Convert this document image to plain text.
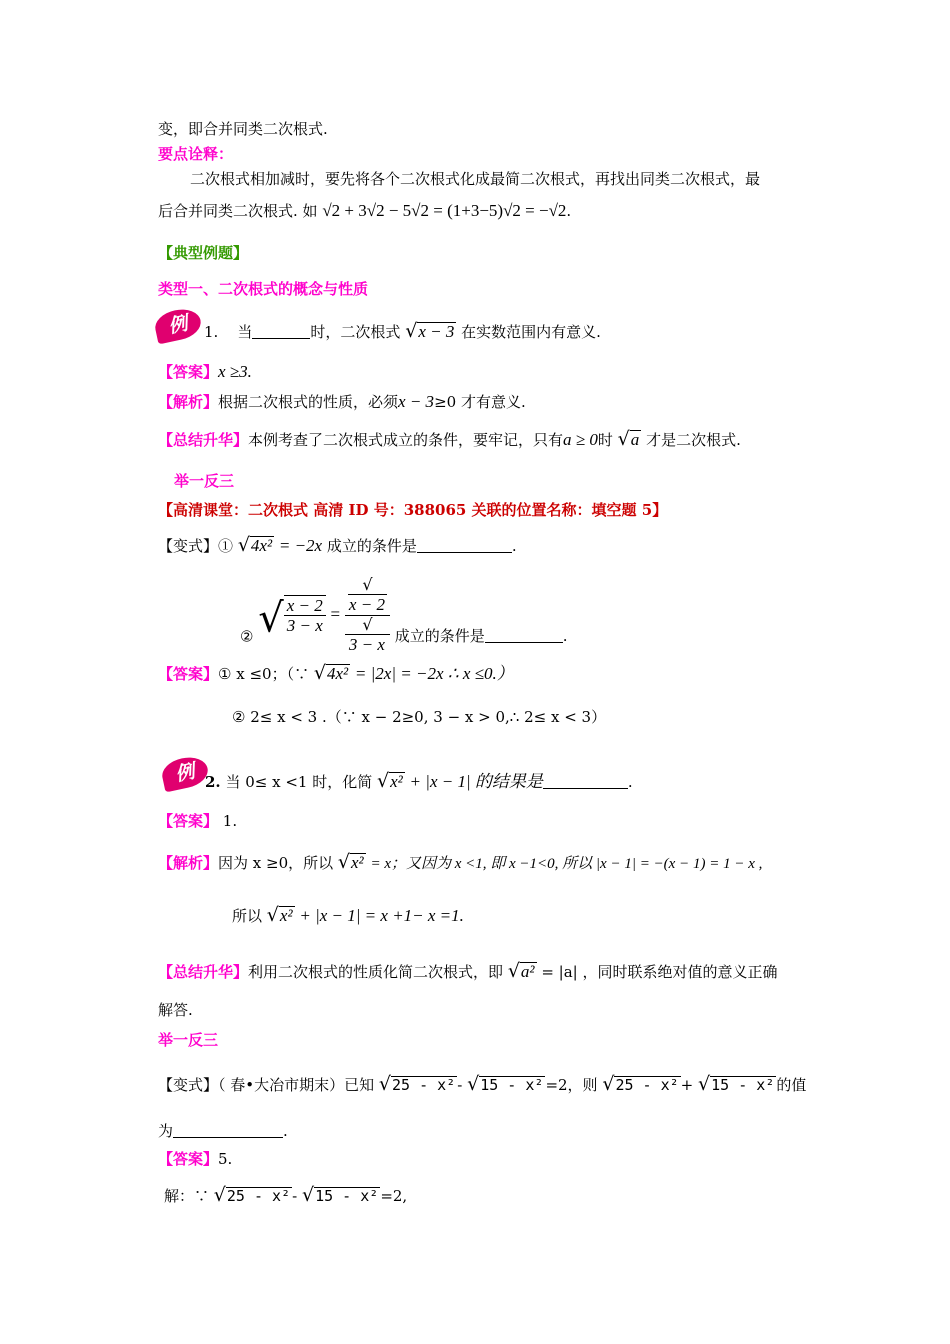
变，即合并同类二次根式.
要点诠释：
二次根式相加减时，要先将各个二次根式化成最简二次根式，再找出同类二次根式，最
后合并同类二次根式. 如 √2 + 3√2 − 5√2 = (1+3−5)√2 = −√2.
【典型例题】
类型一、二次根式的概念与性质
例 1. 当	时，二次根式 √x − 3 在实数范围内有意义.
【答案】x ≥3.
【解析】根据二次根式的性质，必须x − 3≥0 才有意义.
【总结升华】本例考查了二次根式成立的条件，要牢记，只有a ≥ 0时 √a 才是二次根式.
举一反三
【高清课堂：二次根式 高清 ID 号：388065 关联的位置名称：填空题 5】
【变式】① √4x² = −2x 成立的条件是	.
② √ $\frac{x - 2}{3 - x}$ = √
x − 2
√
3 − x 成立的条件是	.
【答案】① x ≤0；（∵ √4x² = |2x| = −2x ∴ x ≤0.）
② 2≤ x < 3 .（∵ x − 2≥0, 3 − x > 0,∴ 2≤ x < 3）
例 2. 当 0≤ x <1 时，化简 √x² + |x − 1| 的结果是	.
【答案】 1.
【解析】因为 x ≥0，所以 √x² = x；又因为 x <1, 即 x −1<0, 所以 |x − 1| = −(x − 1) = 1 − x ,
所以 √x² + |x − 1| = x +1− x =1.
【总结升华】利用二次根式的性质化简二次根式，即 √a² = |a| ，同时联系绝对值的意义正确
解答.
举一反三
【变式】（ 春•大冶市期末）已知 √25 - x² - √15 - x² =2，则 √25 - x² + √15 - x² 的值
为	.
【答案】5.
解：∵ √25 - x² - √15 - x² =2,
